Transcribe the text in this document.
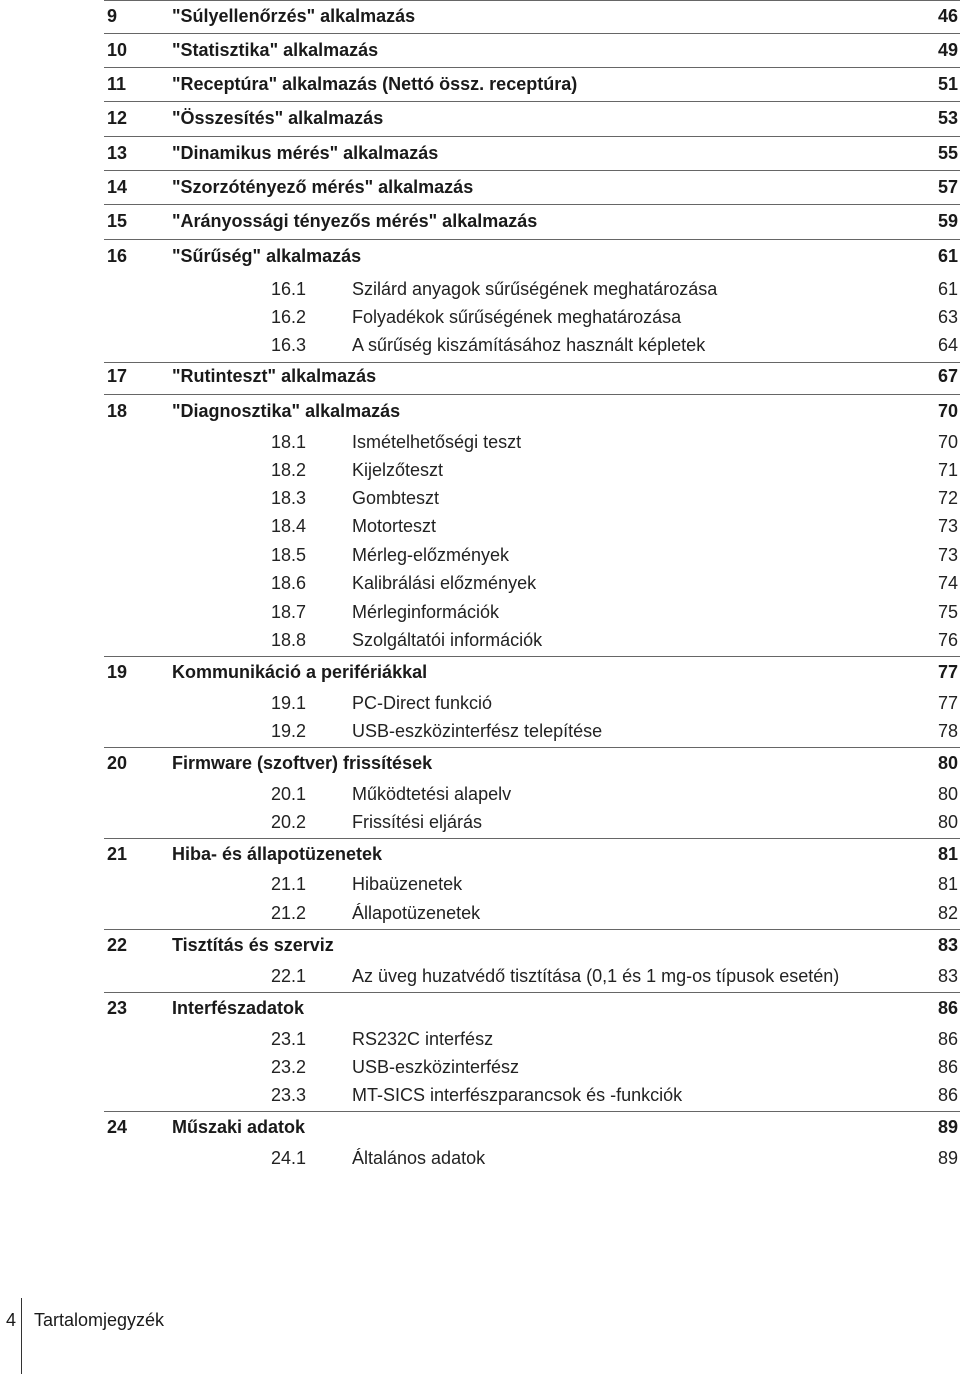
9	"Súlyellenőrzés" alkalmazás	46
10 "Statisztika" alkalmazás	49
11	"Receptúra" alkalmazás (Nettó össz. receptúra)	51
12 "Összesítés" alkalmazás	53
13 "Dinamikus mérés" alkalmazás	55
14 "Szorzótényező mérés" alkalmazás	57
15 "Arányossági tényezős mérés" alkalmazás	59
16 "Sűrűség" alkalmazás	61
16.1	Szilárd anyagok sűrűségének meghatározása	61
16.2	Folyadékok sűrűségének meghatározása	63
16.3	A sűrűség kiszámításához használt képletek	64
17 "Rutinteszt" alkalmazás	67
18 "Diagnosztika" alkalmazás	70
18.1	Ismételhetőségi teszt	70
18.2	Kijelzőteszt	71
18.3	Gombteszt	72
18.4	Motorteszt	73
18.5	Mérleg-előzmények	73
18.6	Kalibrálási előzmények	74
18.7	Mérleginformációk	75
18.8	Szolgáltatói információk	76
19 Kommunikáció a perifériákkal	77
19.1	PC-Direct funkció	77
19.2	USB-eszközinterfész telepítése	78
20 Firmware (szoftver) frissítések	80
20.1	Működtetési alapelv	80
20.2	Frissítési eljárás	80
21 Hiba- és állapotüzenetek	81
21.1	Hibaüzenetek	81
21.2	Állapotüzenetek	82
22 Tisztítás és szerviz	83
22.1	Az üveg huzatvédő tisztítása (0,1 és 1 mg-os típusok esetén)	83
23 Interfészadatok	86
23.1	RS232C interfész	86
23.2	USB-eszközinterfész	86
23.3	MT-SICS interfészparancsok és -funkciók	86
24 Műszaki adatok	89
24.1	Általános adatok	89
4 Tartalomjegyzék
